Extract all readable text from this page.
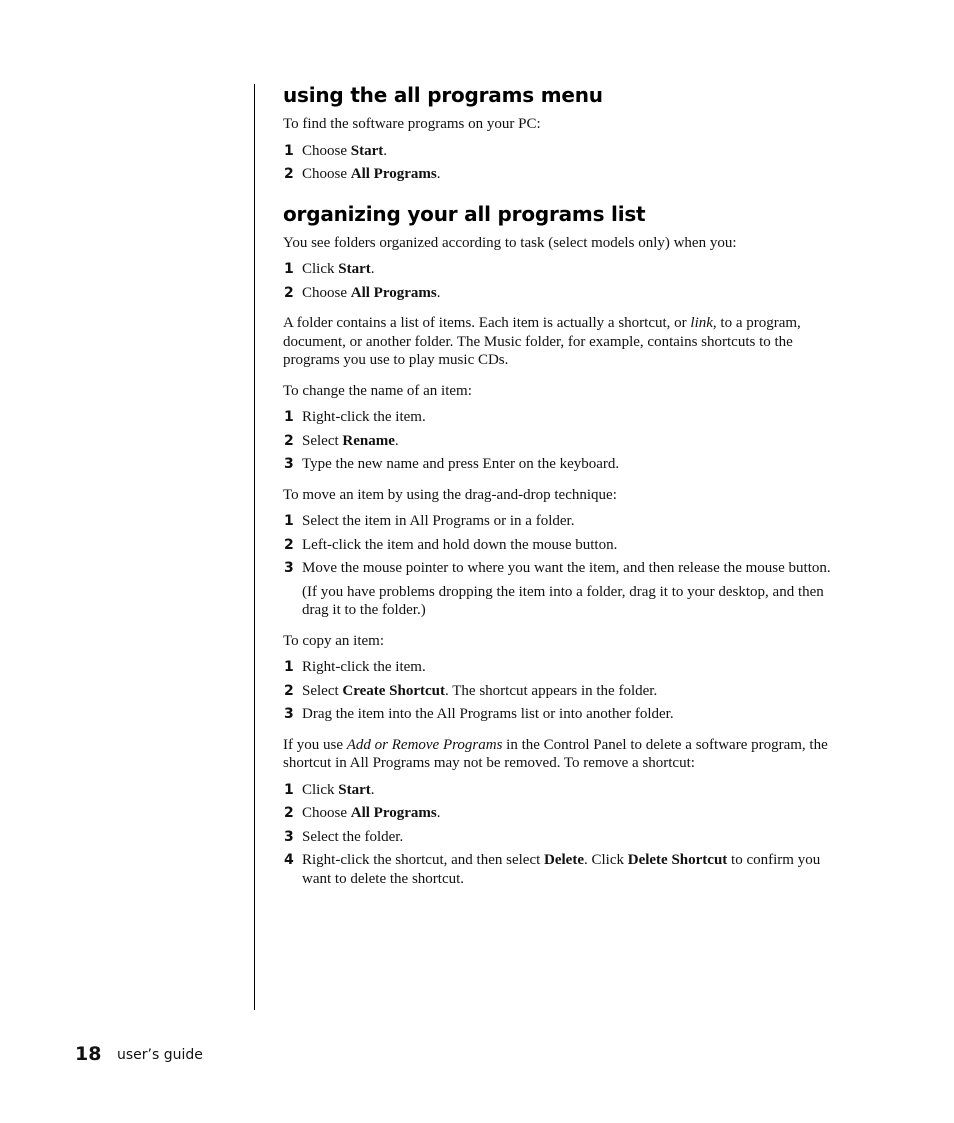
using the all programs menu

To find the software programs on your PC:

1 Choose Start.
2 Choose All Programs.
organizing your all programs list

You see folders organized according to task (select models only) when you:

1 Click Start.
2 Choose All Programs.

A folder contains a list of items. Each item is actually a shortcut, or link, to a program, document, or another folder. The Music folder, for example, contains shortcuts to the programs you use to play music CDs.

To change the name of an item:

1 Right-click the item.
2 Select Rename.
3 Type the new name and press Enter on the keyboard.

To move an item by using the drag-and-drop technique:

1 Select the item in All Programs or in a folder.
2 Left-click the item and hold down the mouse button.
3 Move the mouse pointer to where you want the item, and then release the mouse button.
(If you have problems dropping the item into a folder, drag it to your desktop, and then drag it to the folder.)

To copy an item:

1 Right-click the item.
2 Select Create Shortcut. The shortcut appears in the folder.
3 Drag the item into the All Programs list or into another folder.

If you use Add or Remove Programs in the Control Panel to delete a software program, the shortcut in All Programs may not be removed. To remove a shortcut:

1 Click Start.
2 Choose All Programs.
3 Select the folder.
4 Right-click the shortcut, and then select Delete. Click Delete Shortcut to confirm you want to delete the shortcut.
18 user’s guide
